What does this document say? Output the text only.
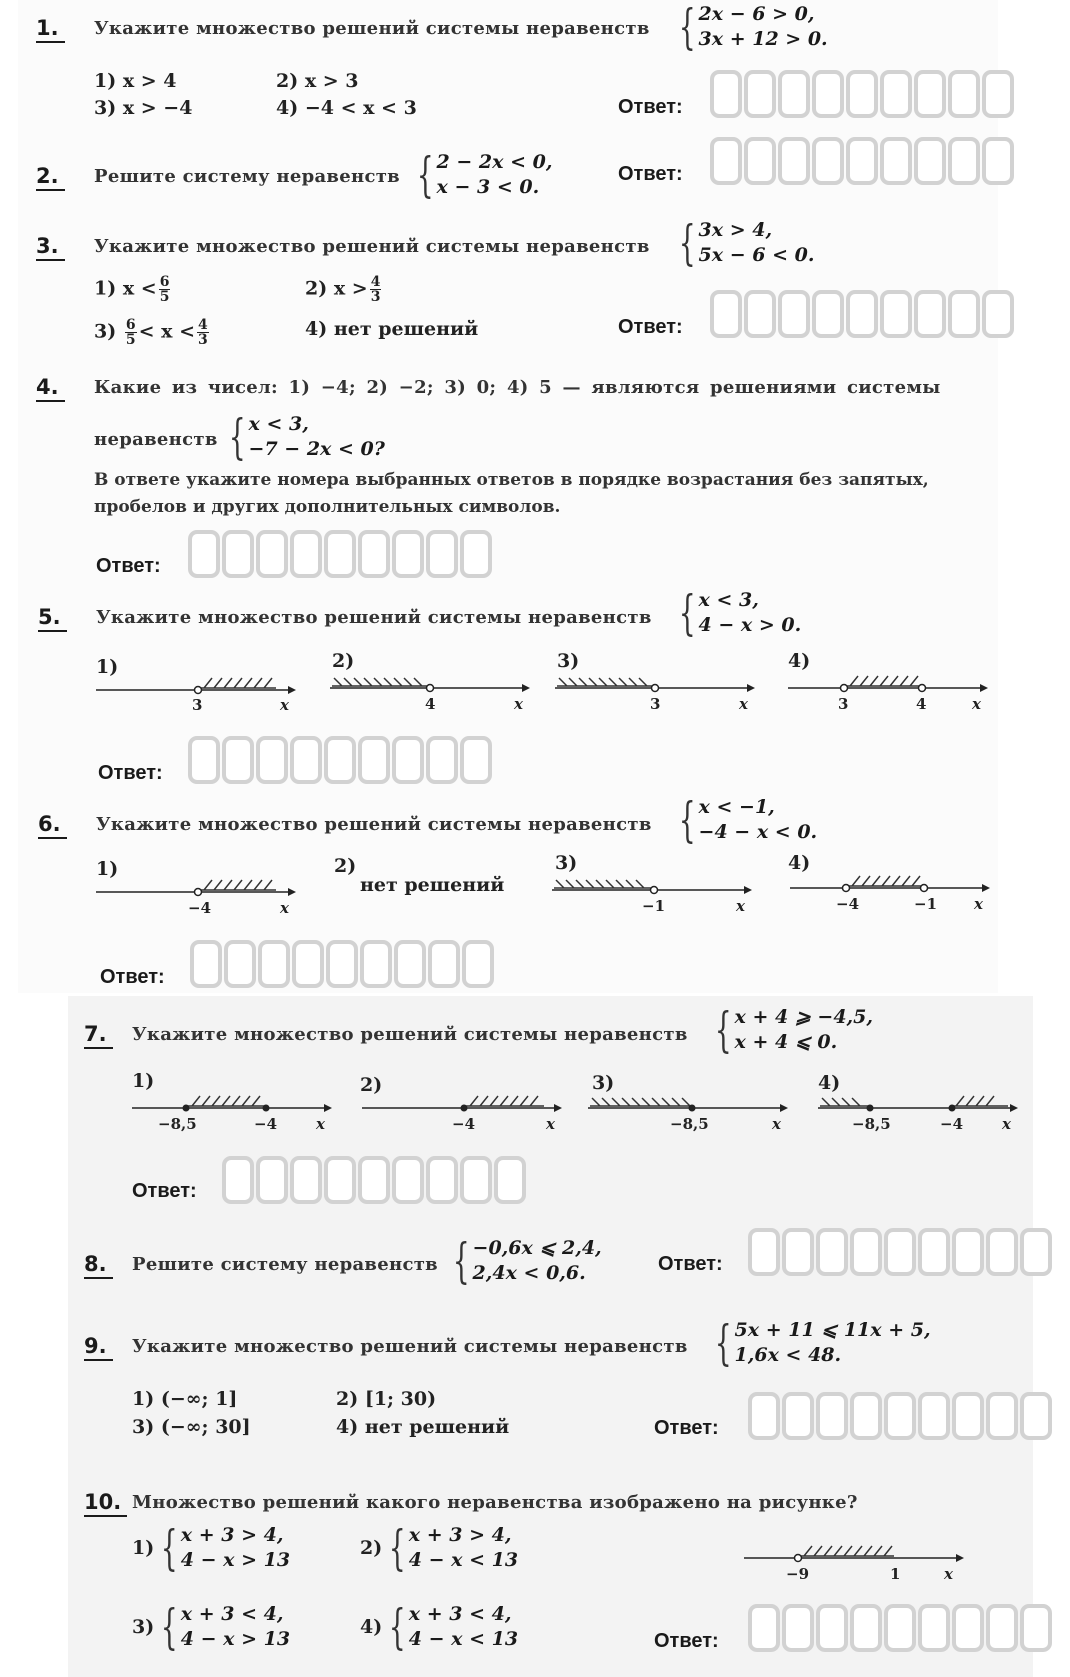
1.	Укажите множество решений системы неравенств { 2x − 6 > 0,
3x + 12 > 0.
1) x > 4	2) x > 3
3) x > −4	4) −4 < x < 3	Ответ:
2.	Решите систему неравенств { 2 − 2x < 0,
x − 3 < 0.
Ответ:
3.	Укажите множество решений системы неравенств { 3x > 4,
5x − 6 < 0.
1) $x < \frac{6}{5}$	2) $x > \frac{4}{3}$
$3) \frac{6}{5} < x < \frac{4}{3}$	4) нет решений	Ответ:
4.	Какие из чисел: 1) −4; 2) −2; 3) 0; 4) 5 — являются решениями системы
неравенств { x < 3,
−7 − 2x < 0?
В ответе укажите номера выбранных ответов в порядке возрастания без запятых, пробелов и других дополнительных символов.
Ответ:
5.	Укажите множество решений системы неравенств { x < 3,
4 − x > 0.
1)	2)	3)	4)
3	x	4	x	3	x	3	4	x
Ответ:
6.	Укажите множество решений системы неравенств { x < −1,
−4 − x < 0.
1)	2)
нет решений
3)	4)
−4	x	−1	x	−4	−1 x
Ответ:
7.	Укажите множество решений системы неравенств { x + 4 ⩾ −4,5,
x + 4 ⩽ 0.
1)	2)	3)	4)
−8,5	−4	x	−4	x	−8,5	x	−8,5	−4	x
Ответ:
8.	Решите систему неравенств { −0,6x ⩽ 2,4,
2,4x < 0,6.	Ответ:
9.	Укажите множество решений системы неравенств { 5x + 11 ⩽ 11x + 5,
1,6x < 48.
1) (−∞; 1]	2) [1; 30)
3) (−∞; 30]	4) нет решений	Ответ:
10. Множество решений какого неравенства изображено на рисунке?
1) { x + 3 > 4,
4 − x > 13
2) { x + 3 > 4,
4 − x < 13
3) { x + 3 < 4,
4 − x > 13
4) { x + 3 < 4,
4 − x < 13
−9	1	x
Ответ:
